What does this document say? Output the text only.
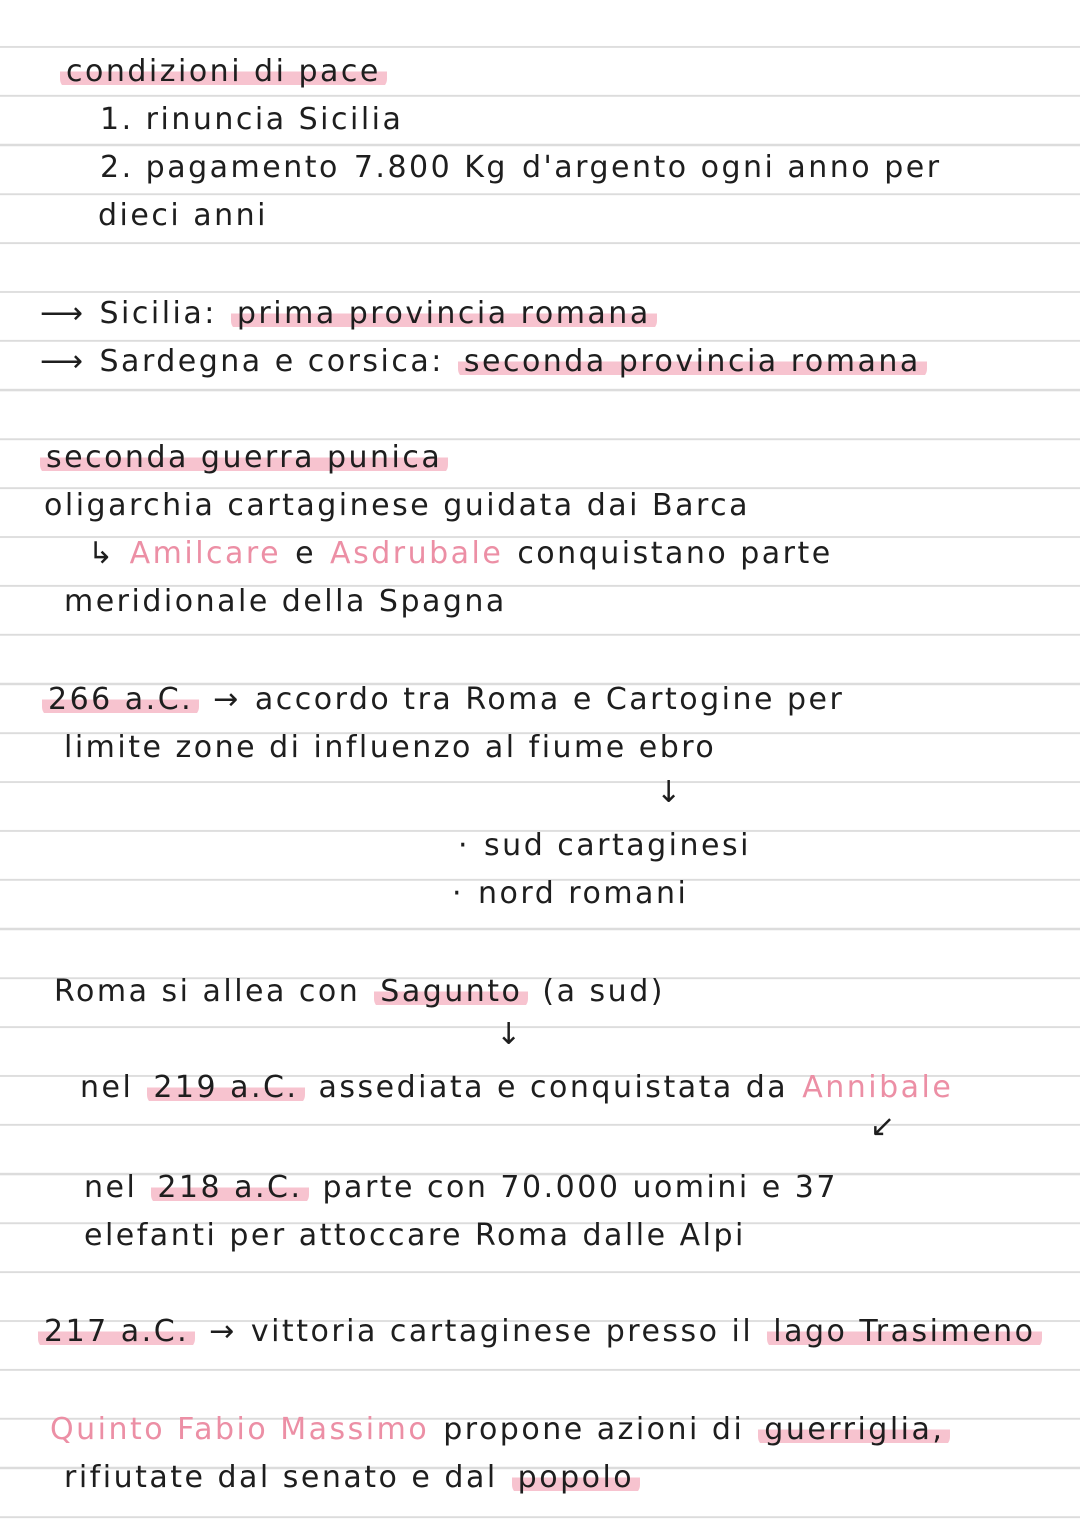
condizioni di pace
1. rinuncia Sicilia
2. pagamento 7.800 Kg d'argento ogni anno per
dieci anni
⟶ Sicilia: prima provincia romana
⟶ Sardegna e corsica: seconda provincia romana
seconda guerra punica
oligarchia cartaginese guidata dai Barca
↳ Amilcare e Asdrubale conquistano parte
meridionale della Spagna
266 a.C. → accordo tra Roma e Cartogine per
limite zone di influenzo al fiume ebro
↓
· sud cartaginesi
· nord romani
Roma si allea con Sagunto (a sud)
↓
nel 219 a.C. assediata e conquistata da Annibale
↙
nel 218 a.C. parte con 70.000 uomini e 37
elefanti per attoccare Roma dalle Alpi
217 a.C. → vittoria cartaginese presso il lago Trasimeno
Quinto Fabio Massimo propone azioni di guerriglia,
rifiutate dal senato e dal popolo
